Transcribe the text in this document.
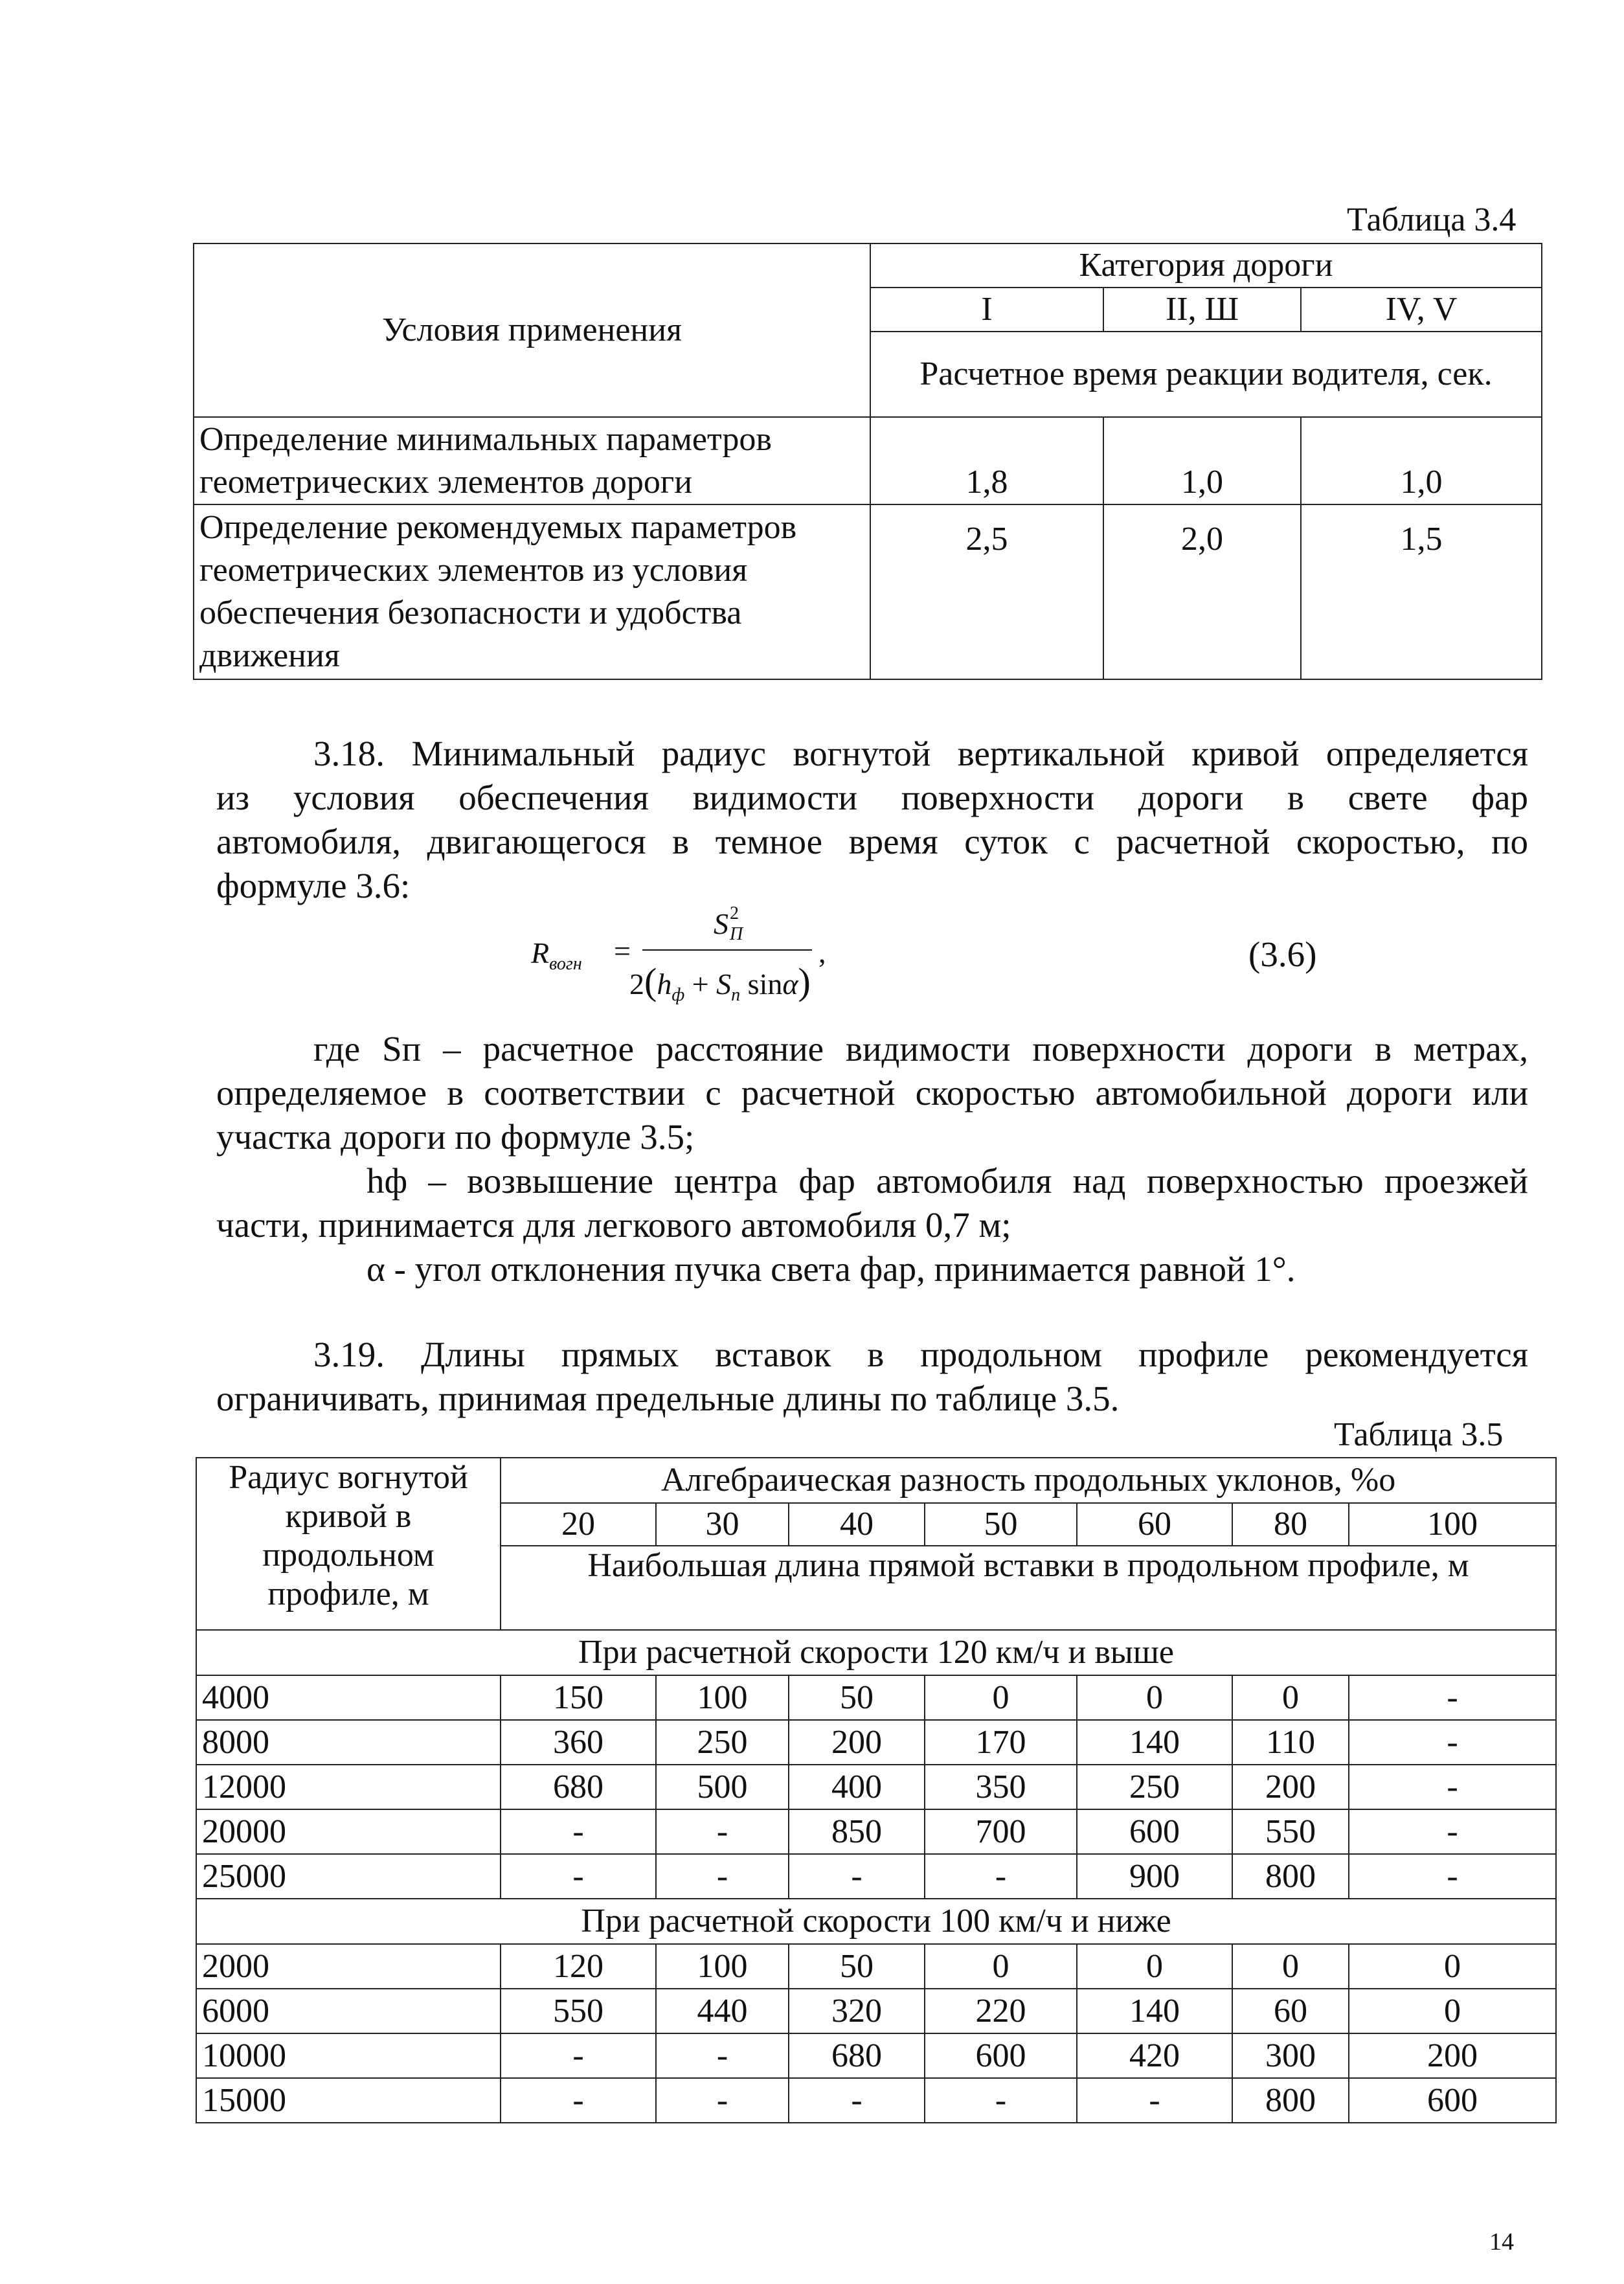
Таблица 3.4
Условия применения	Категория дороги		
	I	II, Ш	IV, V
	Расчетное время реакции водителя, сек.		
Определение минимальных параметров геометрических элементов дороги	1,8	1,0	1,0
Определение рекомендуемых параметров геометрических элементов из условия обеспечения безопасности и удобства движения	2,5	2,0	1,5
3.18. Минимальный радиус вогнутой вертикальной кривой определяется
из условия обеспечения видимости поверхности дороги в свете фар
автомобиля, двигающегося в темное время суток с расчетной скоростью, по
формуле 3.6:
$R_{вогн}$ =
S 2
П
,
$2(h_ф + S_п$ sinα)
(3.6)
где Sп – расчетное расстояние видимости поверхности дороги в метрах,
определяемое в соответствии с расчетной скоростью автомобильной дороги или
участка дороги по формуле 3.5;
hф – возвышение центра фар автомобиля над поверхностью проезжей
части, принимается для легкового автомобиля 0,7 м;
α - угол отклонения пучка света фар, принимается равной 1°.
3.19. Длины прямых вставок в продольном профиле рекомендуется
ограничивать, принимая предельные длины по таблице 3.5.
Таблица 3.5
Радиус вогнутой кривой в продольном профиле, м	Алгебраическая разность продольных уклонов, %о						
	20	30	40	50	60	80	100
	Наибольшая длина прямой вставки в продольном профиле, м						
При расчетной скорости 120 км/ч и выше							
4000	150	100	50	0	0	0	-
8000	360	250	200	170	140	110	-
12000	680	500	400	350	250	200	-
20000	-	-	850	700	600	550	-
25000	-	-	-	-	900	800	-
При расчетной скорости 100 км/ч и ниже							
2000	120	100	50	0	0	0	0
6000	550	440	320	220	140	60	0
10000	-	-	680	600	420	300	200
15000	-	-	-	-	-	800	600
14
